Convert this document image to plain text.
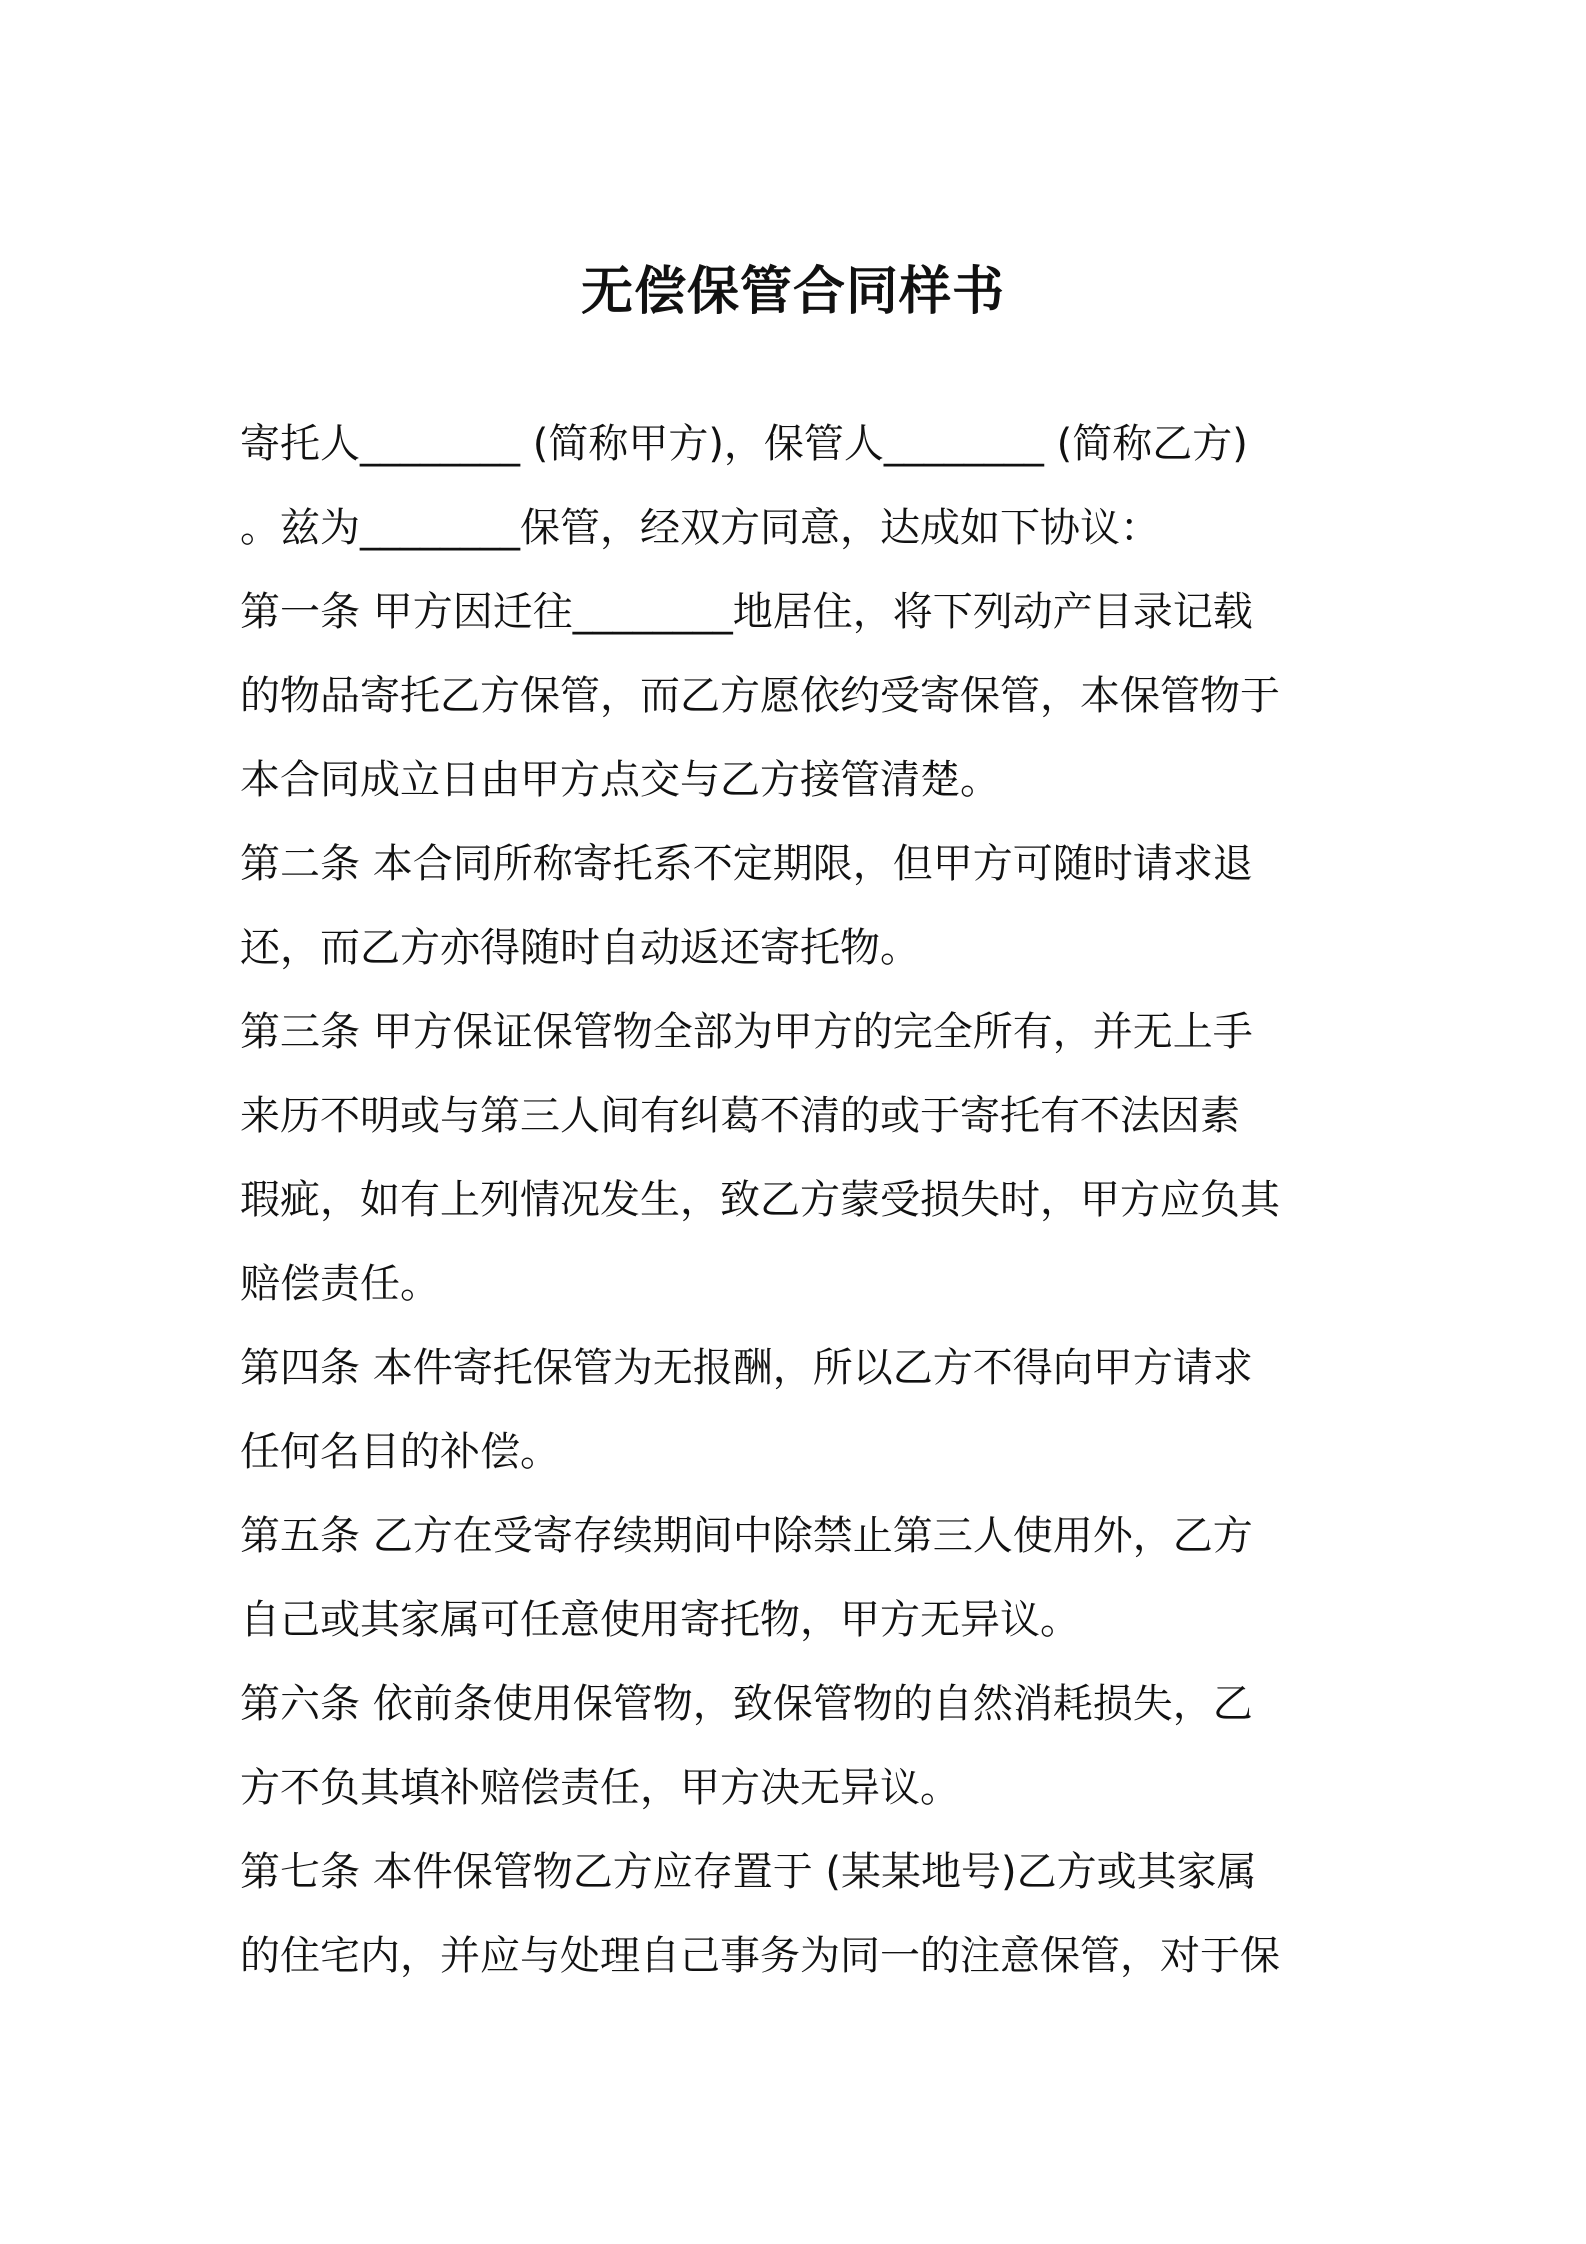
无偿保管合同样书
寄托人________ (简称甲方)，保管人________ (简称乙方)
。兹为________保管，经双方同意，达成如下协议：
第一条 甲方因迁往________地居住，将下列动产目录记载
的物品寄托乙方保管，而乙方愿依约受寄保管，本保管物于
本合同成立日由甲方点交与乙方接管清楚。
第二条 本合同所称寄托系不定期限，但甲方可随时请求退
还，而乙方亦得随时自动返还寄托物。
第三条 甲方保证保管物全部为甲方的完全所有，并无上手
来历不明或与第三人间有纠葛不清的或于寄托有不法因素
瑕疵，如有上列情况发生，致乙方蒙受损失时，甲方应负其
赔偿责任。
第四条 本件寄托保管为无报酬，所以乙方不得向甲方请求
任何名目的补偿。
第五条 乙方在受寄存续期间中除禁止第三人使用外，乙方
自己或其家属可任意使用寄托物，甲方无异议。
第六条 依前条使用保管物，致保管物的自然消耗损失，乙
方不负其填补赔偿责任，甲方决无异议。
第七条 本件保管物乙方应存置于 (某某地号)乙方或其家属
的住宅内，并应与处理自己事务为同一的注意保管，对于保
